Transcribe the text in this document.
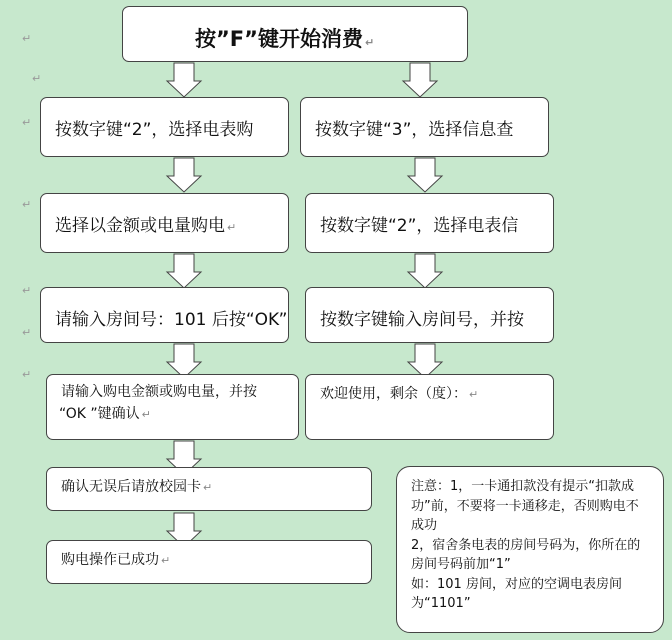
↵
↵
↵
↵
↵
↵
↵
按”F”键开始消费 ↵
按数字键“2”，选择电表购
选择以金额或电量购电 ↵
请输入房间号：101 后按“OK”
请输入购电金额或购电量，并按
“OK ”键确认 ↵
确认无误后请放校园卡 ↵
购电操作已成功 ↵
按数字键“3”，选择信息查
按数字键“2”，选择电表信
按数字键输入房间号，并按
欢迎使用，剩余（度）： ↵
注意：1，一卡通扣款没有提示“扣款成功”前，不要将一卡通移走，否则购电不成功
2，宿舍条电表的房间号码为，你所在的房间号码前加“1”
如：101 房间，对应的空调电表房间为“1101”
